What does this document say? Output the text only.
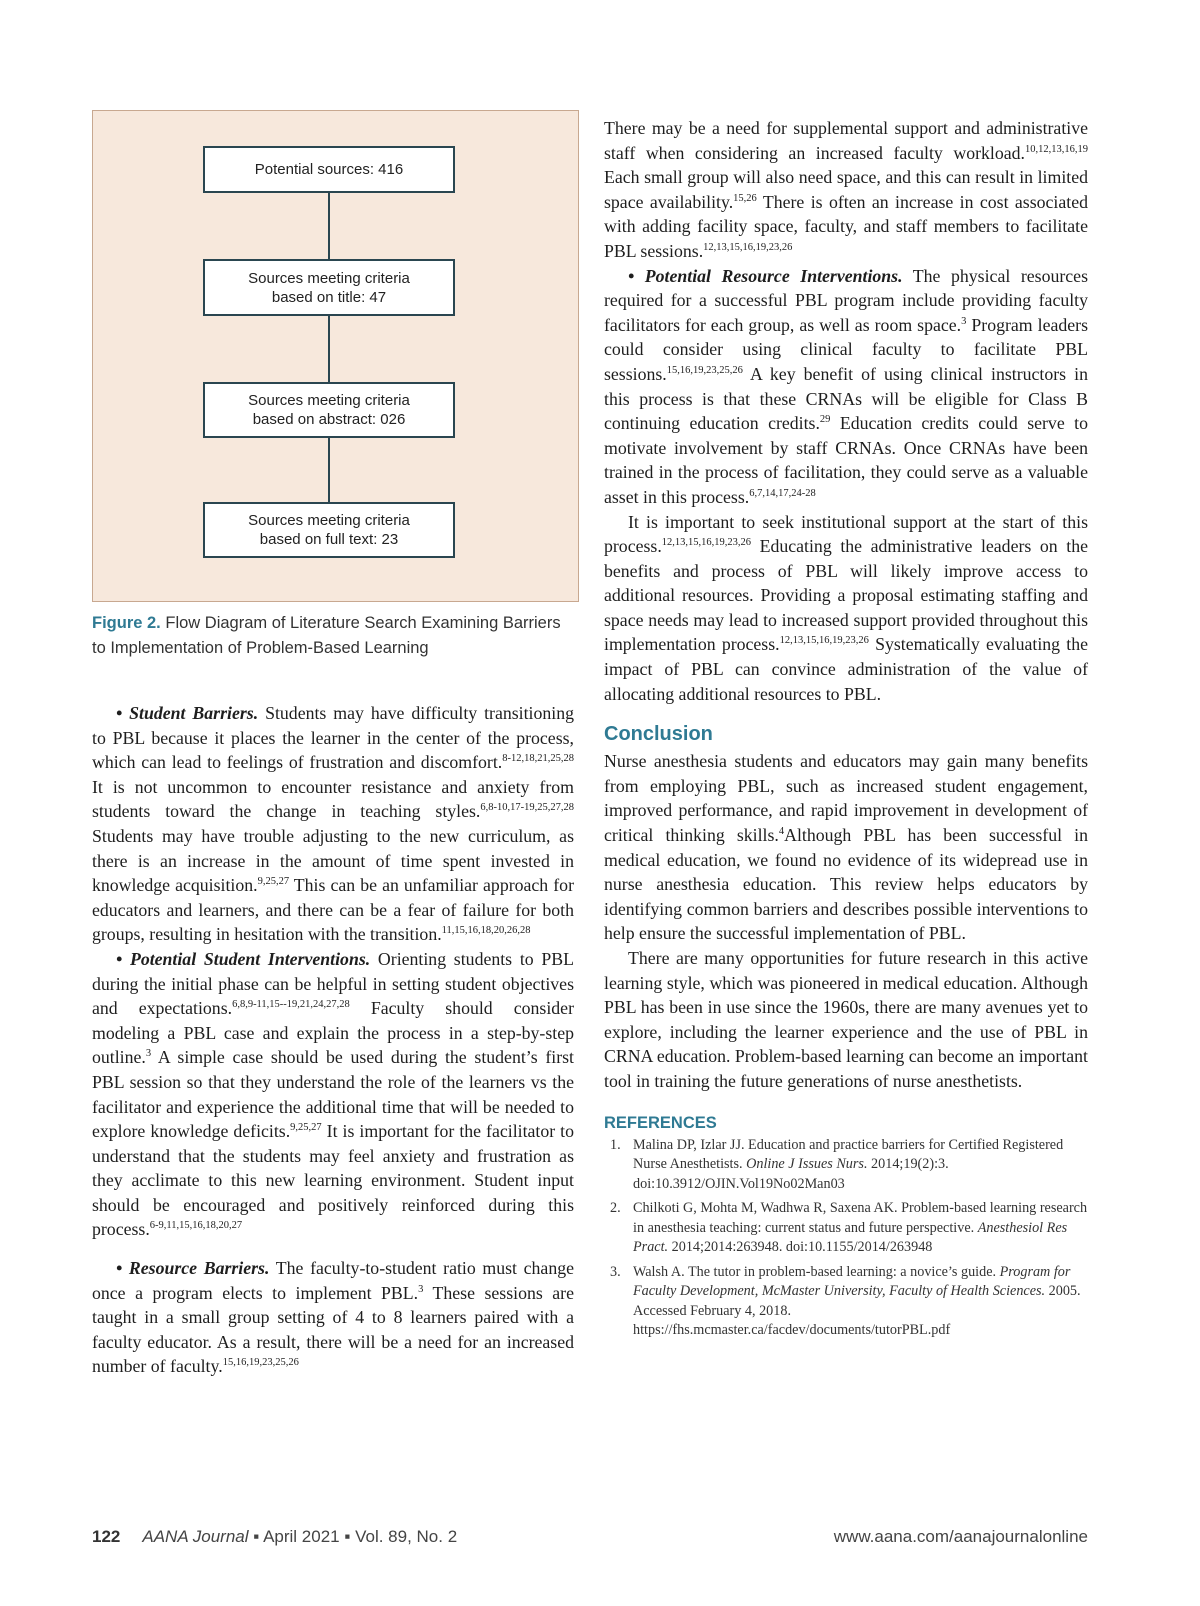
Potential sources: 416
Sources meeting criteria
based on title: 47
Sources meeting criteria
based on abstract: 026
Sources meeting criteria
based on full text: 23
Figure 2. Flow Diagram of Literature Search Examining Barriers to Implementation of Problem-Based Learning

• Student Barriers. Students may have difficulty transitioning to PBL because it places the learner in the center of the process, which can lead to feelings of frustration and discomfort.$^{8-12,18,21,25,28}$ It is not uncommon to encounter resistance and anxiety from students toward the change in teaching styles.$^{6,8-10,17-19,25,27,28}$ Students may have trouble adjusting to the new curriculum, as there is an increase in the amount of time spent invested in knowledge acquisition.$^{9,25,27}$ This can be an unfamiliar approach for educators and learners, and there can be a fear of failure for both groups, resulting in hesitation with the transition.$^{11,15,16,18,20,26,28}$

• Potential Student Interventions. Orienting students to PBL during the initial phase can be helpful in setting student objectives and expectations.$^{6,8,9-11,15--19,21,24,27,28}$ Faculty should consider modeling a PBL case and explain the process in a step-by-step outline.$^3$ A simple case should be used during the student’s first PBL session so that they understand the role of the learners vs the facilitator and experience the additional time that will be needed to explore knowledge deficits.$^{9,25,27}$ It is important for the facilitator to understand that the students may feel anxiety and frustration as they acclimate to this new learning environment. Student input should be encouraged and positively reinforced during this process.$^{6-9,11,15,16,18,20,27}$

• Resource Barriers. The faculty-to-student ratio must change once a program elects to implement PBL.$^3$ These sessions are taught in a small group setting of 4 to 8 learners paired with a faculty educator. As a result, there will be a need for an increased number of faculty.$^{15,16,19,23,25,26}$

There may be a need for supplemental support and administrative staff when considering an increased faculty workload.$^{10,12,13,16,19}$ Each small group will also need space, and this can result in limited space availability.$^{15,26}$ There is often an increase in cost associated with adding facility space, faculty, and staff members to facilitate PBL sessions.$^{12,13,15,16,19,23,26}$

• Potential Resource Interventions. The physical resources required for a successful PBL program include providing faculty facilitators for each group, as well as room space.$^3$ Program leaders could consider using clinical faculty to facilitate PBL sessions.$^{15,16,19,23,25,26}$ A key benefit of using clinical instructors in this process is that these CRNAs will be eligible for Class B continuing education credits.$^{29}$ Education credits could serve to motivate involvement by staff CRNAs. Once CRNAs have been trained in the process of facilitation, they could serve as a valuable asset in this process.$^{6,7,14,17,24-28}$

It is important to seek institutional support at the start of this process.$^{12,13,15,16,19,23,26}$ Educating the administrative leaders on the benefits and process of PBL will likely improve access to additional resources. Providing a proposal estimating staffing and space needs may lead to increased support provided throughout this implementation process.$^{12,13,15,16,19,23,26}$ Systematically evaluating the impact of PBL can convince administration of the value of allocating additional resources to PBL.

Conclusion

Nurse anesthesia students and educators may gain many benefits from employing PBL, such as increased student engagement, improved performance, and rapid improvement in development of critical thinking skills.$^4$Although PBL has been successful in medical education, we found no evidence of its widepread use in nurse anesthesia education. This review helps educators by identifying common barriers and describes possible interventions to help ensure the successful implementation of PBL.

There are many opportunities for future research in this active learning style, which was pioneered in medical education. Although PBL has been in use since the 1960s, there are many avenues yet to explore, including the learner experience and the use of PBL in CRNA education. Problem-based learning can become an important tool in training the future generations of nurse anesthetists.

REFERENCES

1. Malina DP, Izlar JJ. Education and practice barriers for Certified Registered Nurse Anesthetists. Online J Issues Nurs. 2014;19(2):3. doi:10.3912/OJIN.Vol19No02Man03
2. Chilkoti G, Mohta M, Wadhwa R, Saxena AK. Problem-based learning research in anesthesia teaching: current status and future perspective. Anesthesiol Res Pract. 2014;2014:263948. doi:10.1155/2014/263948
3. Walsh A. The tutor in problem-based learning: a novice’s guide. Program for Faculty Development, McMaster University, Faculty of Health Sciences. 2005. Accessed February 4, 2018. https://fhs.mcmaster.ca/facdev/documents/tutorPBL.pdf
122 AANA Journal ▪ April 2021 ▪ Vol. 89, No. 2	www.aana.com/aanajournalonline
